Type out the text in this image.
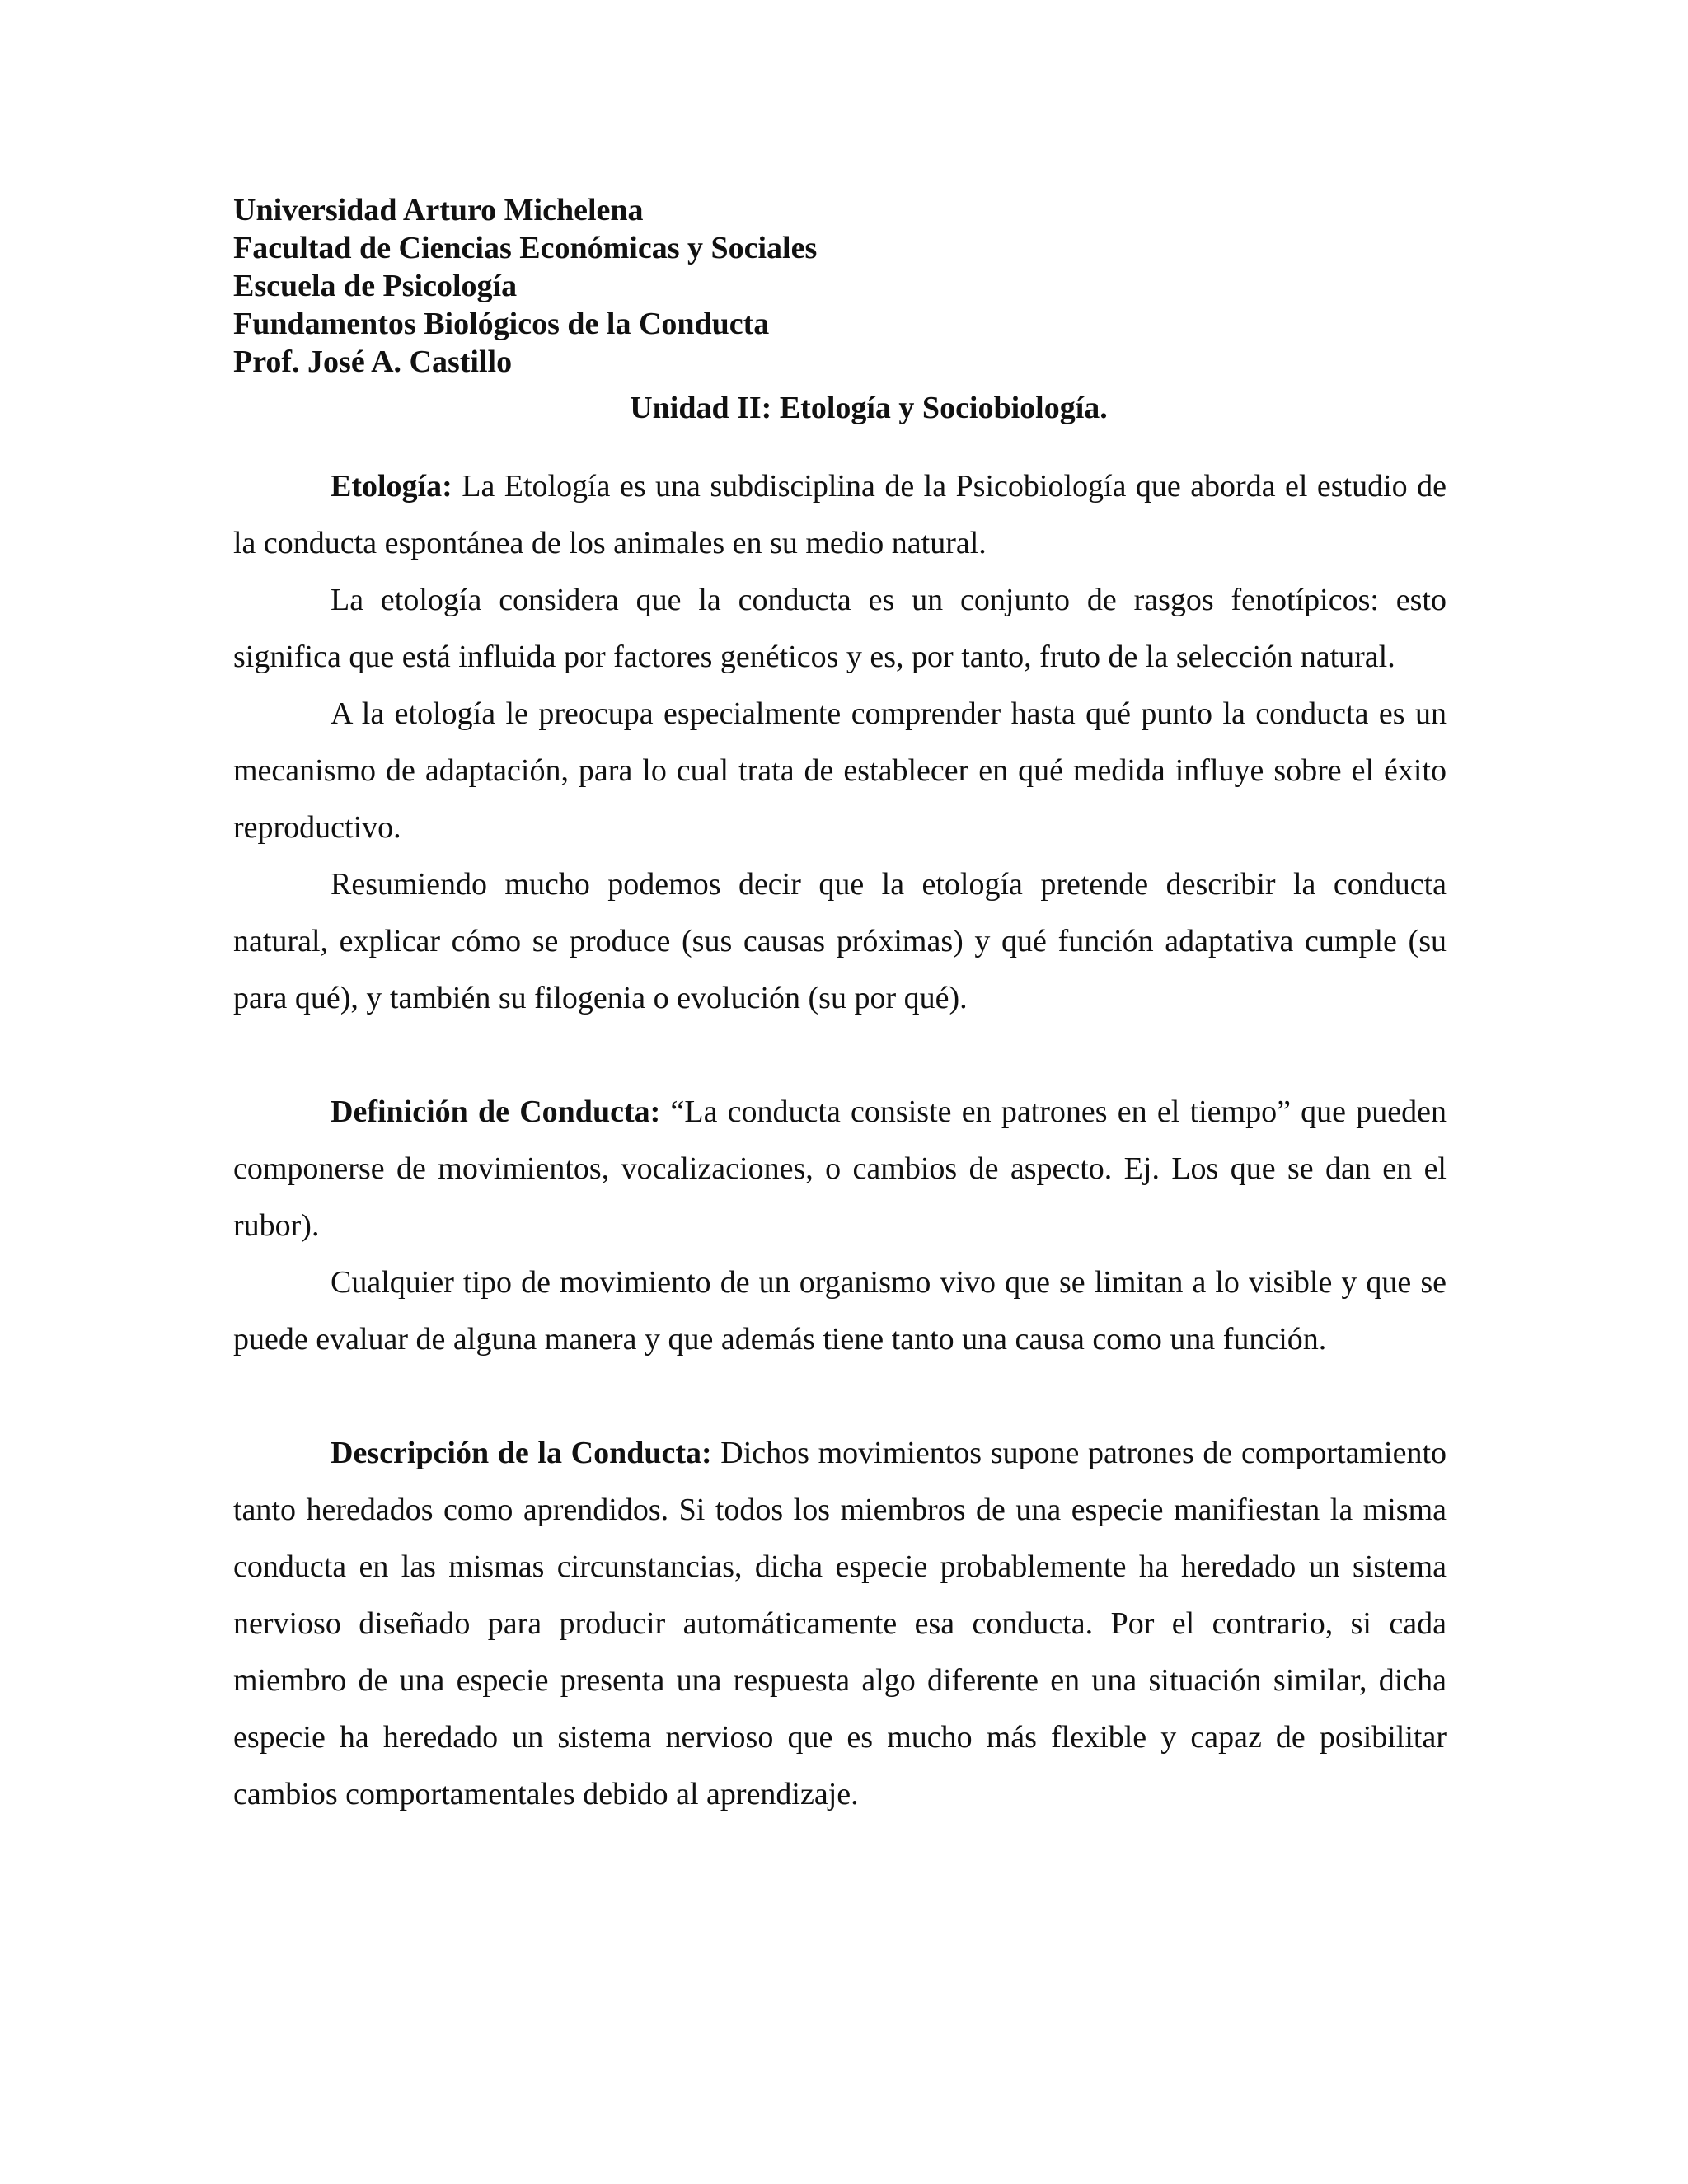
Universidad Arturo Michelena
Facultad de Ciencias Económicas y Sociales
Escuela de Psicología
Fundamentos Biológicos de la Conducta
Prof. José A. Castillo
Unidad II: Etología y Sociobiología.

Etología: La Etología es una subdisciplina de la Psicobiología que aborda el estudio de la conducta espontánea de los animales en su medio natural.

La etología considera que la conducta es un conjunto de rasgos fenotípicos: esto significa que está influida por factores genéticos y es, por tanto, fruto de la selección natural.

A la etología le preocupa especialmente comprender hasta qué punto la conducta es un mecanismo de adaptación, para lo cual trata de establecer en qué medida influye sobre el éxito reproductivo.

Resumiendo mucho podemos decir que la etología pretende describir la conducta natural, explicar cómo se produce (sus causas próximas) y qué función adaptativa cumple (su para qué), y también su filogenia o evolución (su por qué).

Definición de Conducta: “La conducta consiste en patrones en el tiempo” que pueden componerse de movimientos, vocalizaciones, o cambios de aspecto. Ej. Los que se dan en el rubor).

Cualquier tipo de movimiento de un organismo vivo que se limitan a lo visible y que se puede evaluar de alguna manera y que además tiene tanto una causa como una función.

Descripción de la Conducta: Dichos movimientos supone patrones de comportamiento tanto heredados como aprendidos. Si todos los miembros de una especie manifiestan la misma conducta en las mismas circunstancias, dicha especie probablemente ha heredado un sistema nervioso diseñado para producir automáticamente esa conducta. Por el contrario, si cada miembro de una especie presenta una respuesta algo diferente en una situación similar, dicha especie ha heredado un sistema nervioso que es mucho más flexible y capaz de posibilitar cambios comportamentales debido al aprendizaje.
